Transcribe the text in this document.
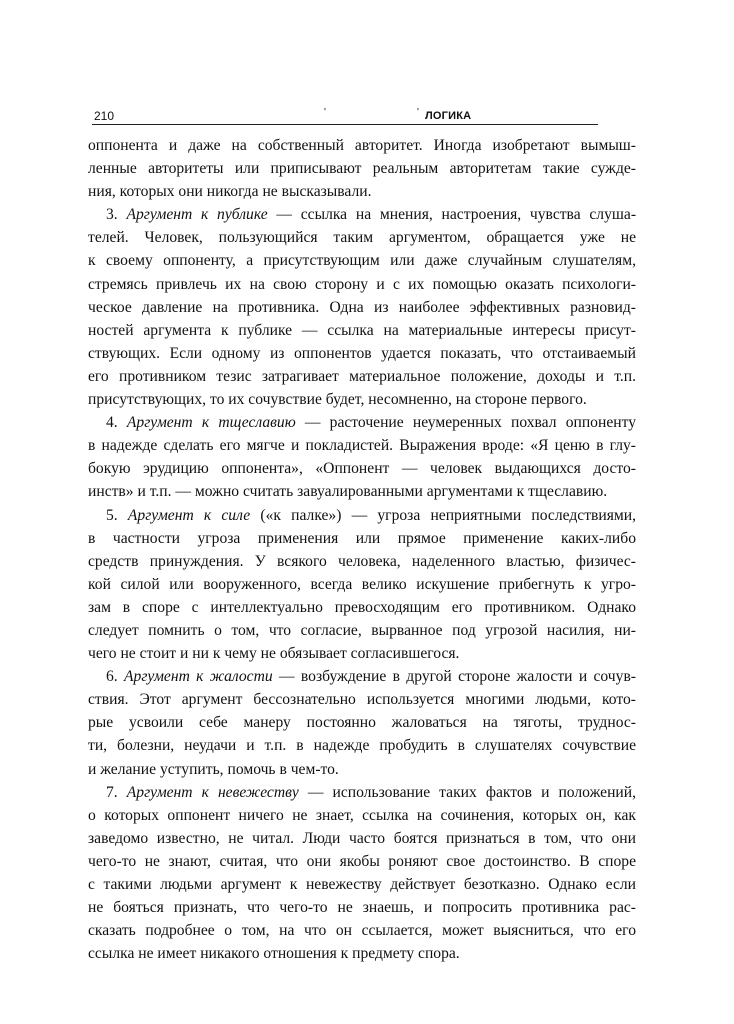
210	'	' ЛОГИКА
оппонента и даже на собственный авторитет. Иногда изобретают вымыш-
ленные авторитеты или приписывают реальным авторитетам такие сужде-
ния, которых они никогда не высказывали.
3. Аргумент к публике — ссылка на мнения, настроения, чувства слуша-
телей. Человек, пользующийся таким аргументом, обращается уже не
к своему оппоненту, а присутствующим или даже случайным слушателям,
стремясь привлечь их на свою сторону и с их помощью оказать психологи-
ческое давление на противника. Одна из наиболее эффективных разновид-
ностей аргумента к публике — ссылка на материальные интересы присут-
ствующих. Если одному из оппонентов удается показать, что отстаиваемый
его противником тезис затрагивает материальное положение, доходы и т.п.
присутствующих, то их сочувствие будет, несомненно, на стороне первого.
4. Аргумент к тщеславию — расточение неумеренных похвал оппоненту
в надежде сделать его мягче и покладистей. Выражения вроде: «Я ценю в глу-
бокую эрудицию оппонента», «Оппонент — человек выдающихся досто-
инств» и т.п. — можно считать завуалированными аргументами к тщеславию.
5. Аргумент к силе («к палке») — угроза неприятными последствиями,
в частности угроза применения или прямое применение каких-либо
средств принуждения. У всякого человека, наделенного властью, физичес-
кой силой или вооруженного, всегда велико искушение прибегнуть к угро-
зам в споре с интеллектуально превосходящим его противником. Однако
следует помнить о том, что согласие, вырванное под угрозой насилия, ни-
чего не стоит и ни к чему не обязывает согласившегося.
6. Аргумент к жалости — возбуждение в другой стороне жалости и сочув-
ствия. Этот аргумент бессознательно используется многими людьми, кото-
рые усвоили себе манеру постоянно жаловаться на тяготы, труднос-
ти, болезни, неудачи и т.п. в надежде пробудить в слушателях сочувствие
и желание уступить, помочь в чем-то.
7. Аргумент к невежеству — использование таких фактов и положений,
о которых оппонент ничего не знает, ссылка на сочинения, которых он, как
заведомо известно, не читал. Люди часто боятся признаться в том, что они
чего-то не знают, считая, что они якобы роняют свое достоинство. В споре
с такими людьми аргумент к невежеству действует безотказно. Однако если
не бояться признать, что чего-то не знаешь, и попросить противника рас-
сказать подробнее о том, на что он ссылается, может выясниться, что его
ссылка не имеет никакого отношения к предмету спора.
